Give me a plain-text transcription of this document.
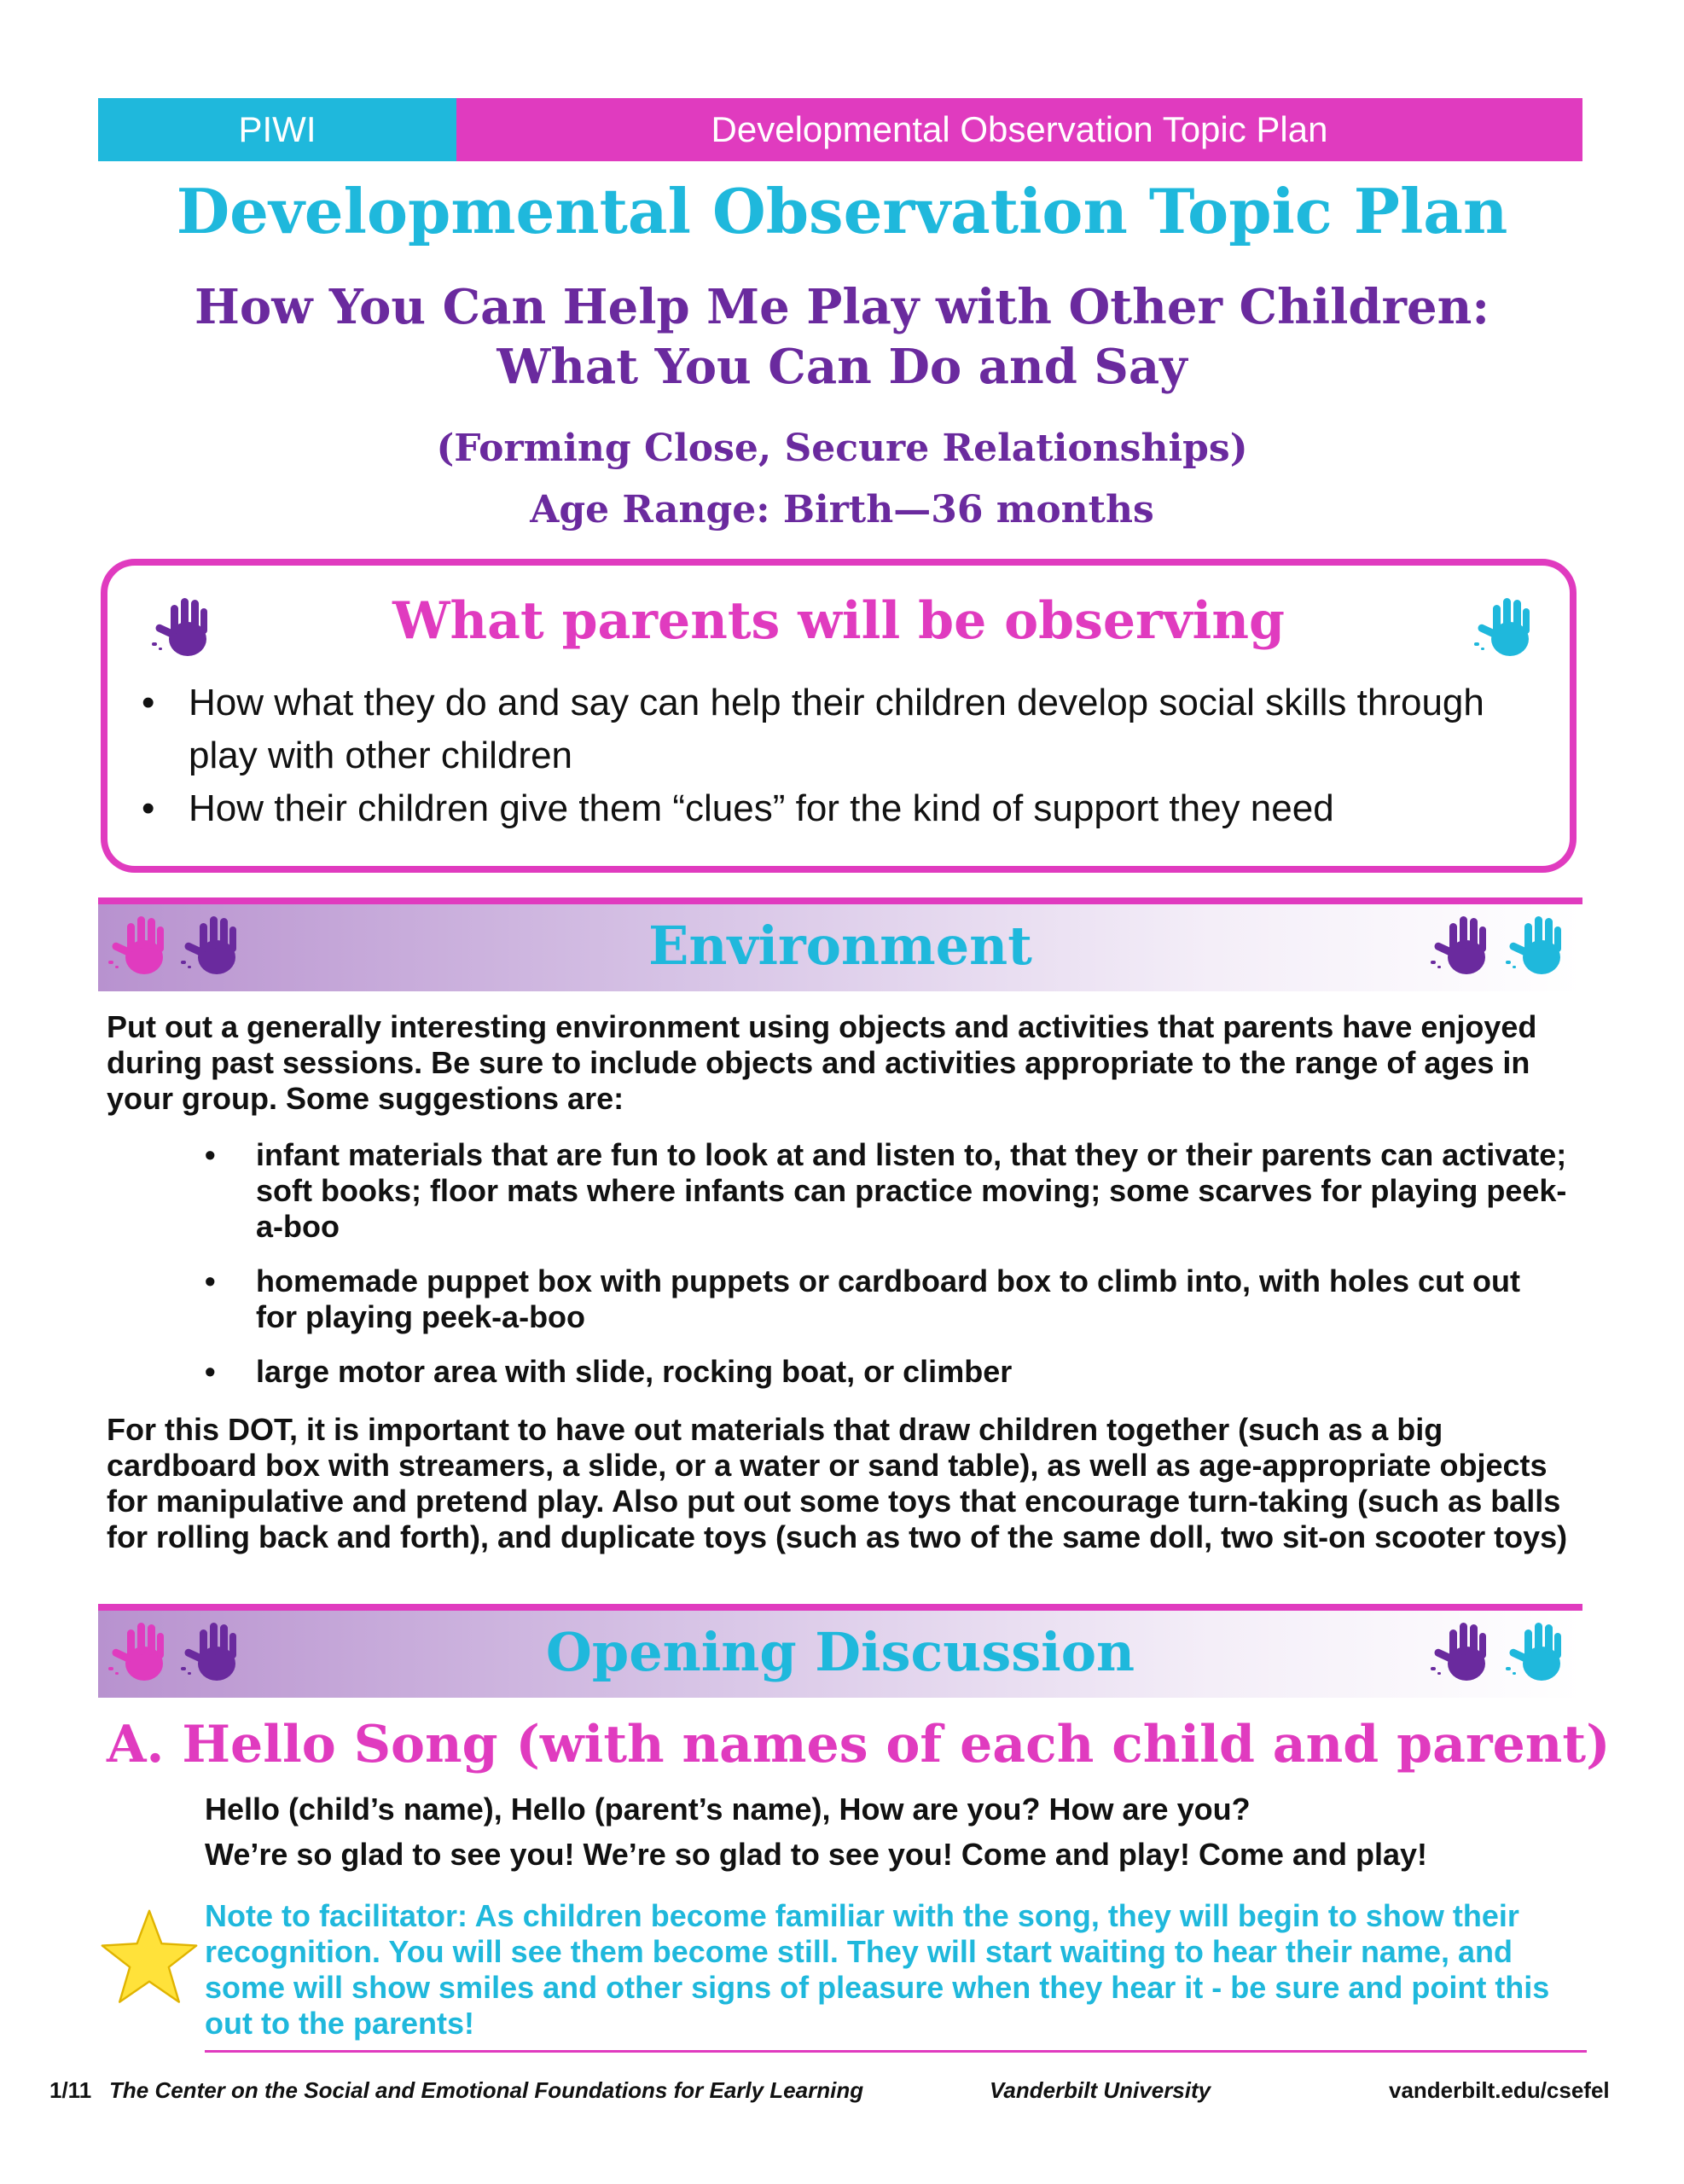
PIWI	Developmental Observation Topic Plan
Developmental Observation Topic Plan
How You Can Help Me Play with Other Children:
What You Can Do and Say
(Forming Close, Secure Relationships)
Age Range: Birth—36 months
What parents will be observing
• How what they do and say can help their children develop social skills through play with other children
• How their children give them “clues” for the kind of support they need
Environment
Put out a generally interesting environment using objects and activities that parents have enjoyed during past sessions. Be sure to include objects and activities appropriate to the range of ages in your group. Some suggestions are:
• infant materials that are fun to look at and listen to, that they or their parents can activate; soft books; floor mats where infants can practice moving; some scarves for playing peek-a-boo
• homemade puppet box with puppets or cardboard box to climb into, with holes cut out for playing peek-a-boo
• large motor area with slide, rocking boat, or climber
For this DOT, it is important to have out materials that draw children together (such as a big cardboard box with streamers, a slide, or a water or sand table), as well as age-appropriate objects for manipulative and pretend play. Also put out some toys that encourage turn-taking (such as balls for rolling back and forth), and duplicate toys (such as two of the same doll, two sit-on scooter toys)
Opening Discussion
A. Hello Song (with names of each child and parent)
Hello (child’s name), Hello (parent’s name), How are you? How are you?
We’re so glad to see you! We’re so glad to see you! Come and play! Come and play!
Note to facilitator: As children become familiar with the song, they will begin to show their recognition. You will see them become still. They will start waiting to hear their name, and some will show smiles and other signs of pleasure when they hear it - be sure and point this out to the parents!
1/11 The Center on the Social and Emotional Foundations for Early Learning	Vanderbilt University	vanderbilt.edu/csefel
